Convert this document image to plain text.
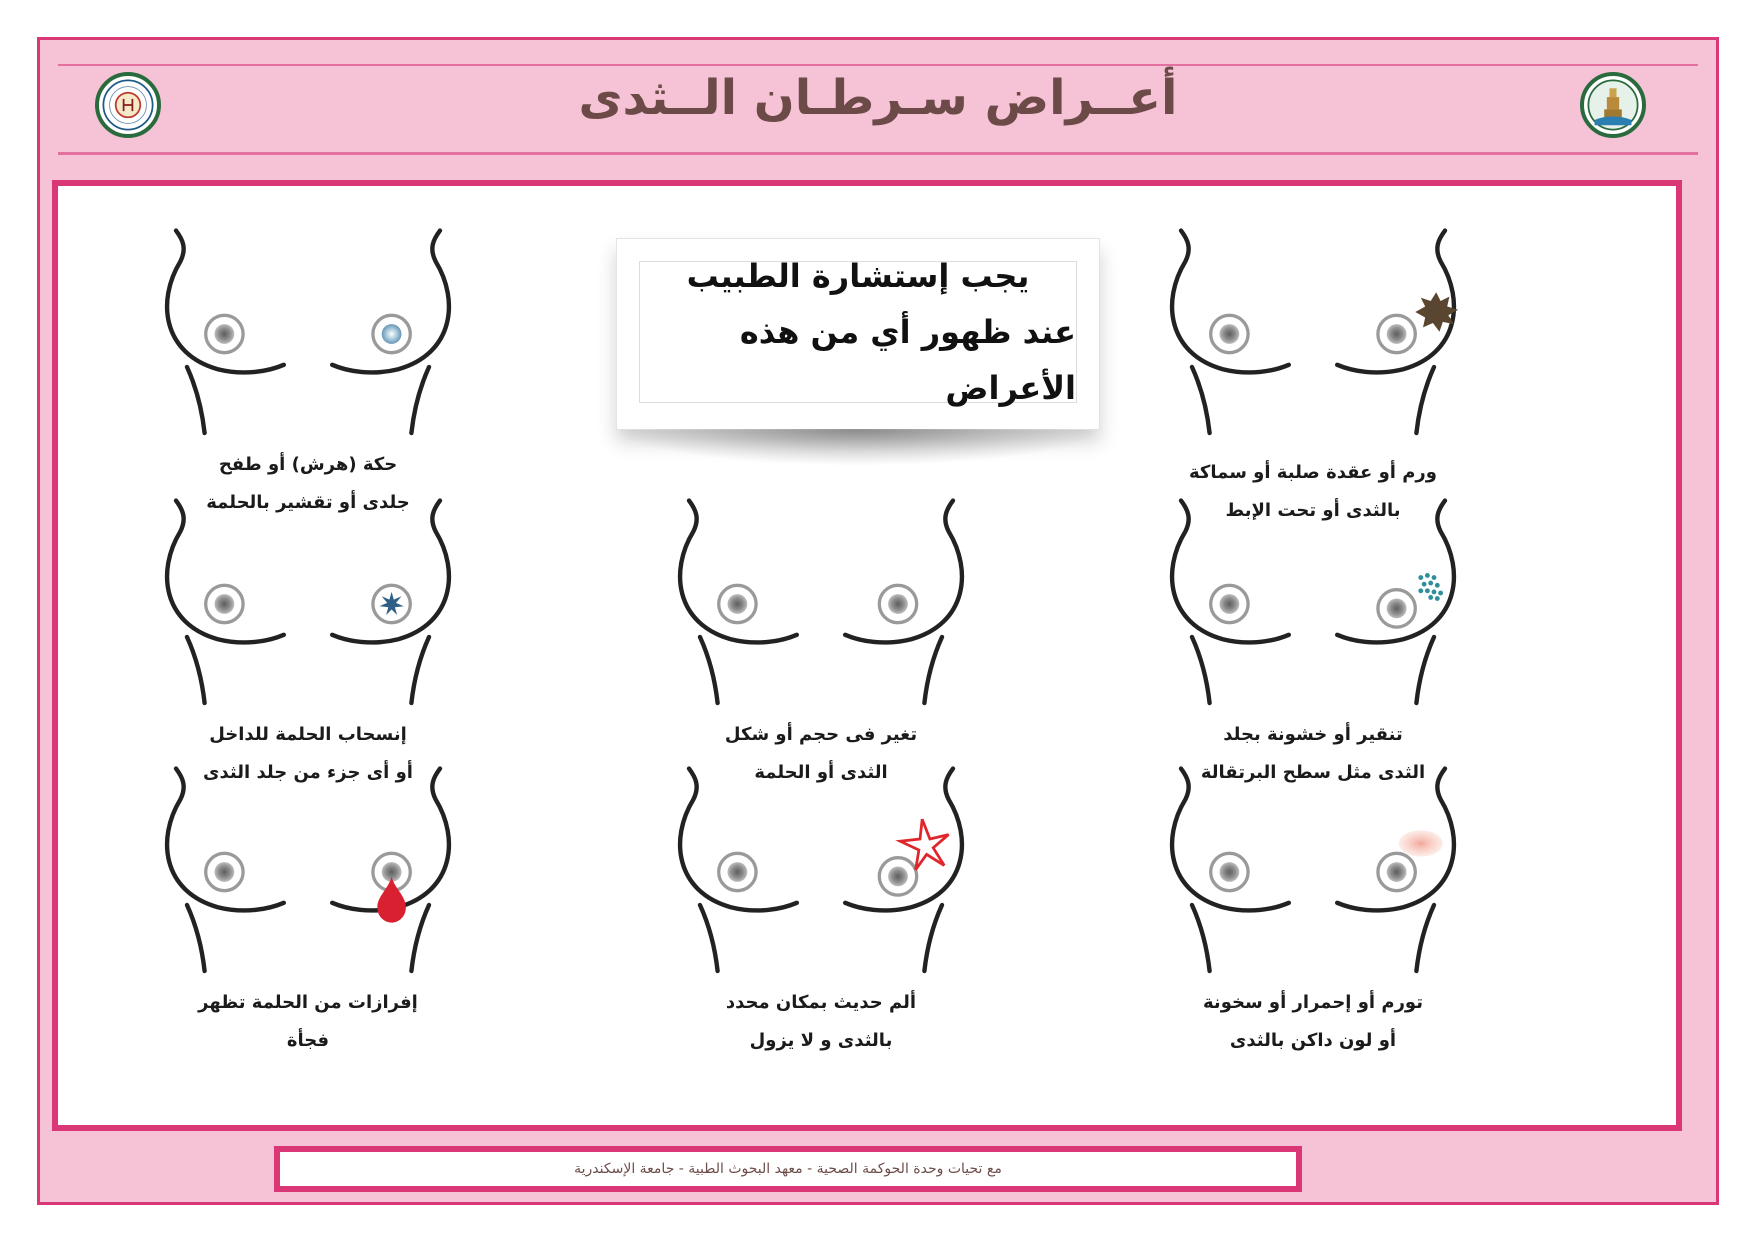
أعــراض سـرطـان الــثدى
حكة (هرش) أو طفح
جلدى أو تقشير بالحلمة
ورم أو عقدة صلبة أو سماكة
بالثدى أو تحت الإبط
يجب إستشارة الطبيب
عند ظهور أي من هذه الأعراض
إنسحاب الحلمة للداخل
أو أى جزء من جلد الثدى
تغير فى حجم أو شكل
الثدى أو الحلمة
تنقير أو خشونة بجلد
الثدى مثل سطح البرتقالة
إفرازات من الحلمة تظهر
فجأة
ألم حديث بمكان محدد
بالثدى و لا يزول
تورم أو إحمرار أو سخونة
أو لون داكن بالثدى
مع تحيات وحدة الحوكمة الصحية - معهد البحوث الطبية - جامعة الإسكندرية
